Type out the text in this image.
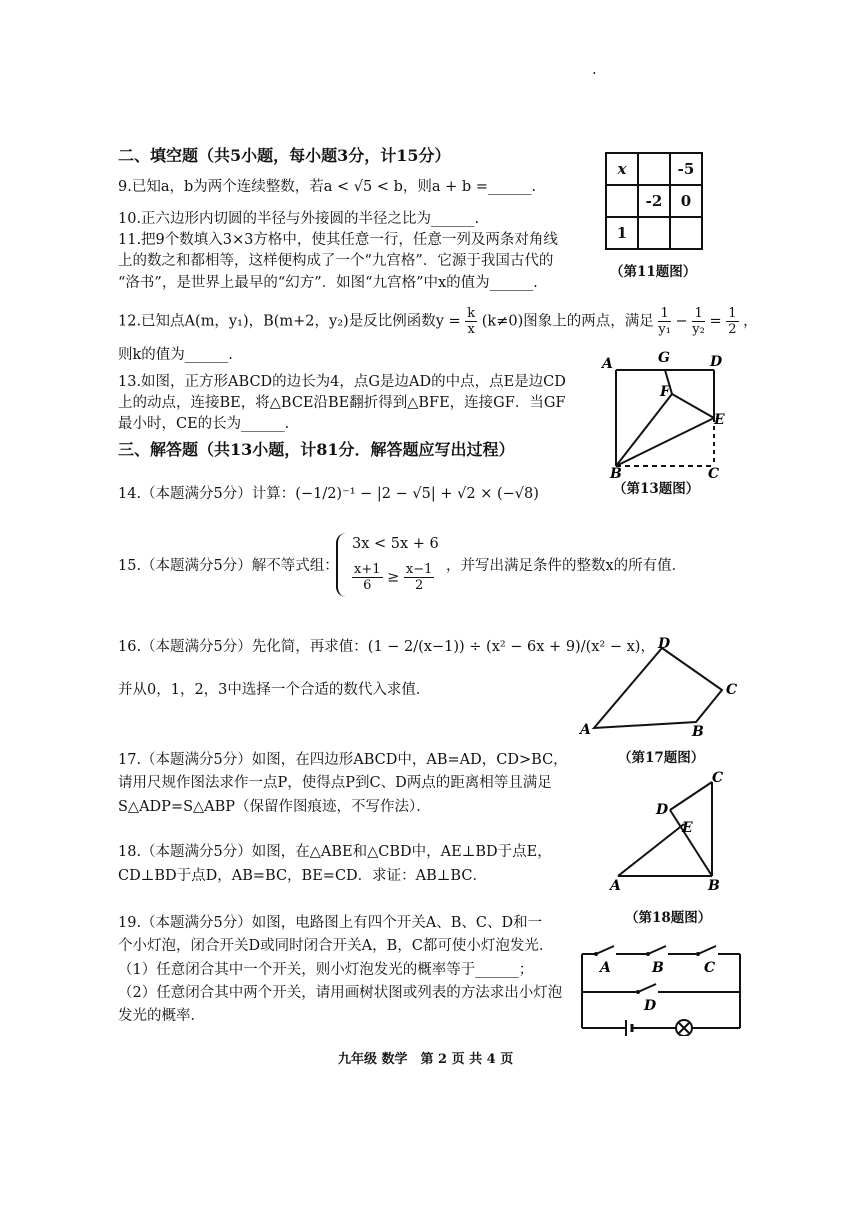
.
二、填空题（共5小题，每小题3分，计15分）
9.已知a，b为两个连续整数，若a < √5 < b，则a + b =______.
10.正六边形内切圆的半径与外接圆的半径之比为______.
11.把9个数填入3×3方格中，使其任意一行，任意一列及两条对角线
上的数之和都相等，这样便构成了一个“九宫格”．它源于我国古代的
“洛书”，是世界上最早的“幻方”．如图“九宫格”中x的值为______.
12.已知点A(m，y₁)，B(m+2，y₂)是反比例函数$y = \frac{k}{x} (k\ne 0)$图象上的两点，满足 $\frac{1}{\text{y₁}} - \frac{1}{\text{y₂}} = \frac{1}{2}$ ，
则k的值为______.
13.如图，正方形ABCD的边长为4，点G是边AD的中点，点E是边CD
上的动点，连接BE，将△BCE沿BE翻折得到△BFE，连接GF．当GF
最小时，CE的长为______.
三、解答题（共13小题，计81分．解答题应写出过程）
14.（本题满分5分）计算：(−1/2)⁻¹ − |2 − √5| + √2 × (−√8)
15.（本题满分5分）解不等式组：
3x < 5x + 6
$\frac{x+1}{6} \ge \frac{x-1}{2}$ ，并写出满足条件的整数x的所有值．
16.（本题满分5分）先化简，再求值：(1 − 2/(x−1)) ÷ (x² − 6x + 9)/(x² − x)，
并从0，1，2，3中选择一个合适的数代入求值．
17.（本题满分5分）如图，在四边形ABCD中，AB=AD，CD>BC，
请用尺规作图法求作一点P，使得点P到C、D两点的距离相等且满足
S△ADP=S△ABP（保留作图痕迹，不写作法）．
18.（本题满分5分）如图，在△ABE和△CBD中，AE⊥BD于点E，
CD⊥BD于点D，AB=BC，BE=CD．求证：AB⊥BC．
19.（本题满分5分）如图，电路图上有四个开关A、B、C、D和一
个小灯泡，闭合开关D或同时闭合开关A，B，C都可使小灯泡发光．
（1）任意闭合其中一个开关，则小灯泡发光的概率等于______；
（2）任意闭合其中两个开关，请用画树状图或列表的方法求出小灯泡
发光的概率．
x		-5
	-2	0
1		
（第11题图）
A	G	D
F
E
B	C
（第13题图）
A	B
C
D
（第17题图）
A	B
C
D
E
（第18题图）
A	B	C
D
九年级 数学　第 2 页 共 4 页
